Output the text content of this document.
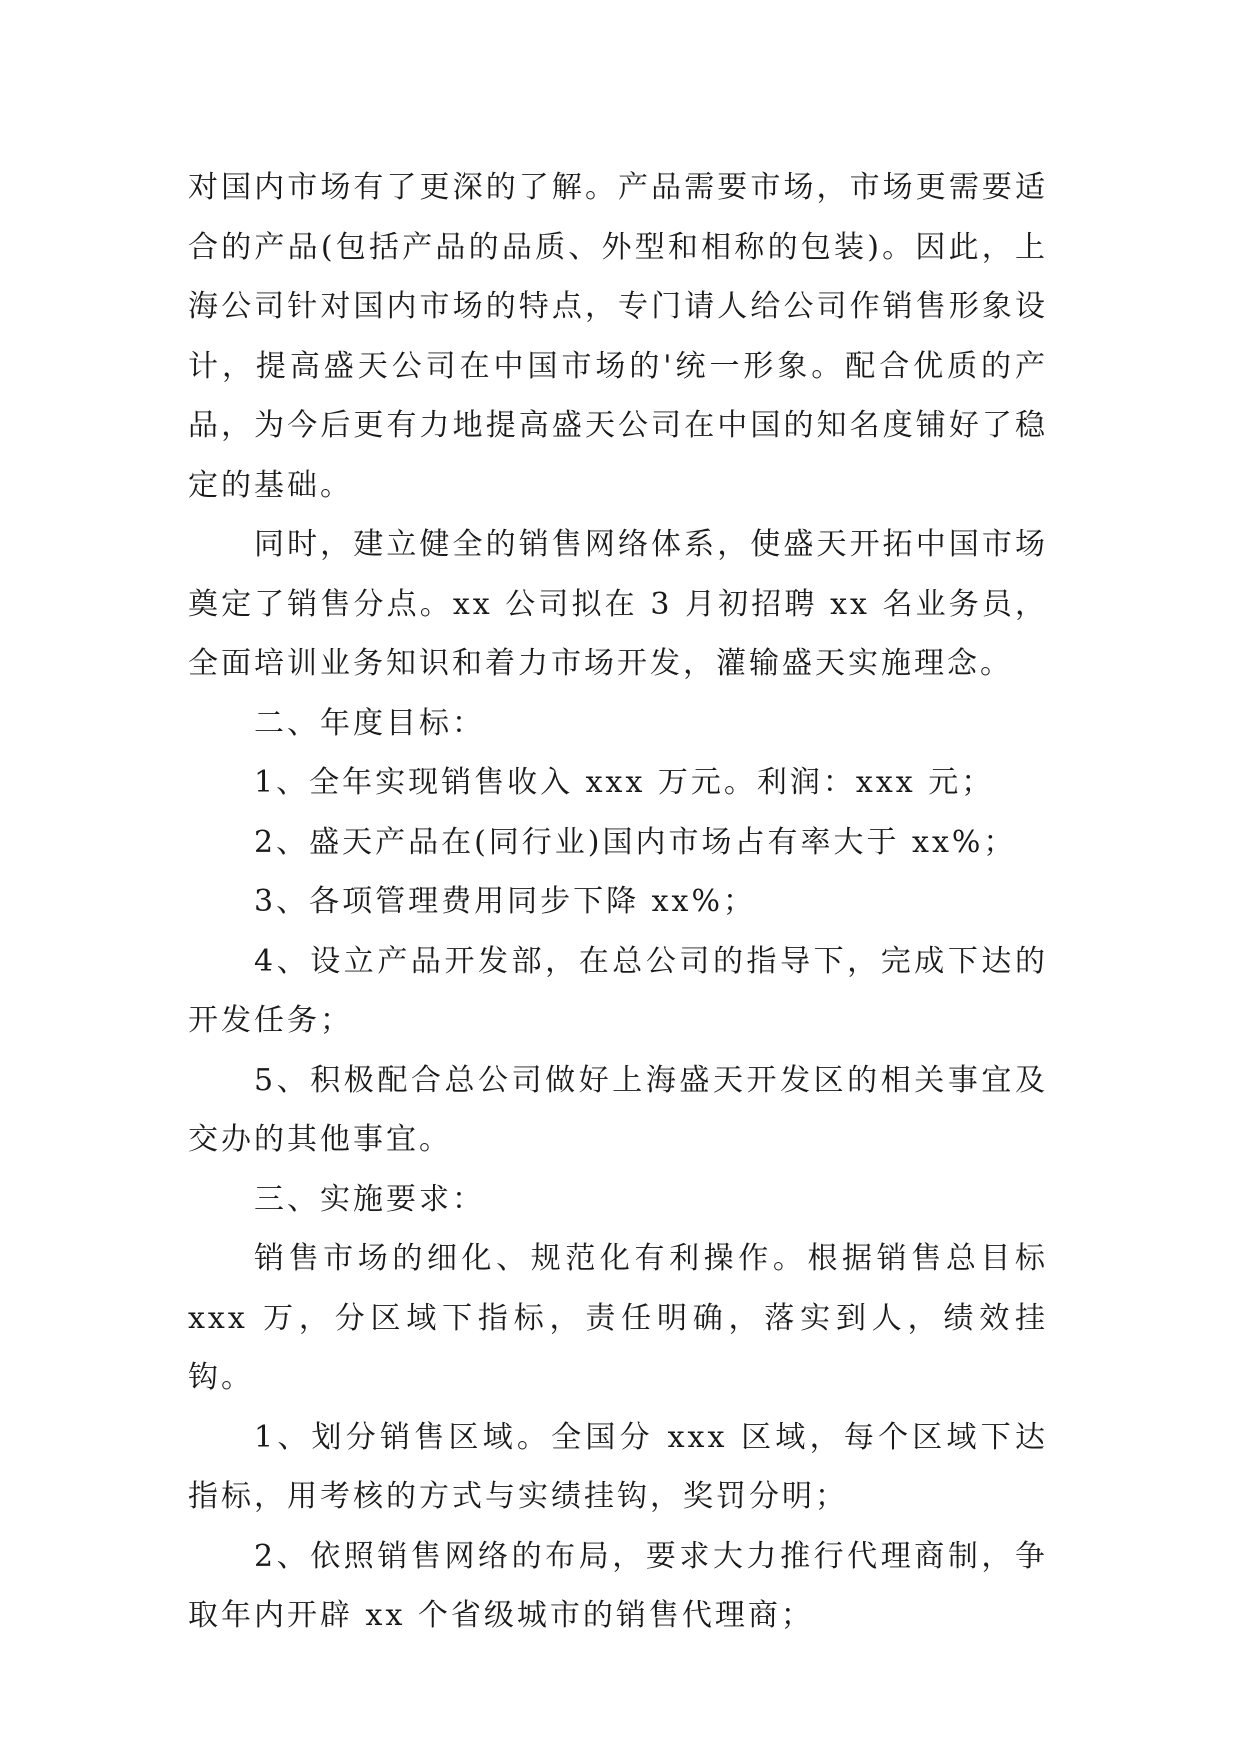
对国内市场有了更深的了解。产品需要市场，市场更需要适合的产品(包括产品的品质、外型和相称的包装)。因此，上海公司针对国内市场的特点，专门请人给公司作销售形象设计，提高盛天公司在中国市场的'统一形象。配合优质的产品，为今后更有力地提高盛天公司在中国的知名度铺好了稳定的基础。

同时，建立健全的销售网络体系，使盛天开拓中国市场奠定了销售分点。xx 公司拟在 3 月初招聘 xx 名业务员，全面培训业务知识和着力市场开发，灌输盛天实施理念。

二、年度目标：

1、全年实现销售收入 xxx 万元。利润：xxx 元；

2、盛天产品在(同行业)国内市场占有率大于 xx%；

3、各项管理费用同步下降 xx%；

4、设立产品开发部，在总公司的指导下，完成下达的开发任务；

5、积极配合总公司做好上海盛天开发区的相关事宜及交办的其他事宜。

三、实施要求：

销售市场的细化、规范化有利操作。根据销售总目标 xxx 万，分区域下指标，责任明确，落实到人，绩效挂钩。

1、划分销售区域。全国分 xxx 区域，每个区域下达指标，用考核的方式与实绩挂钩，奖罚分明；

2、依照销售网络的布局，要求大力推行代理商制，争取年内开辟 xx 个省级城市的销售代理商；
